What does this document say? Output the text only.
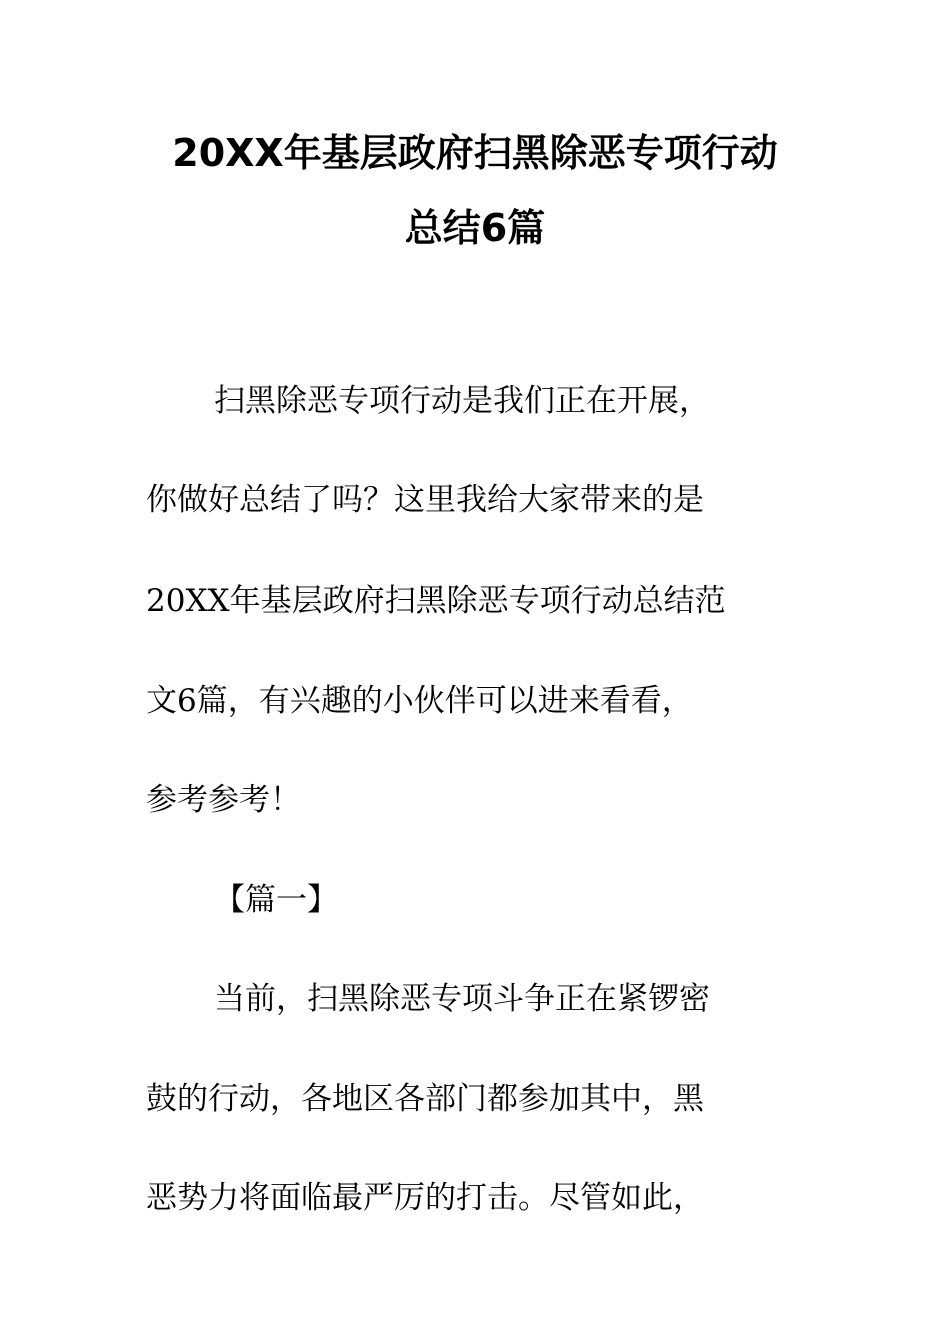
20XX年基层政府扫黑除恶专项行动
总结6篇
扫黑除恶专项行动是我们正在开展，
你做好总结了吗？这里我给大家带来的是
20XX年基层政府扫黑除恶专项行动总结范
文6篇，有兴趣的小伙伴可以进来看看，
参考参考！
【篇一】
当前，扫黑除恶专项斗争正在紧锣密
鼓的行动，各地区各部门都参加其中，黑
恶势力将面临最严厉的打击。尽管如此，
